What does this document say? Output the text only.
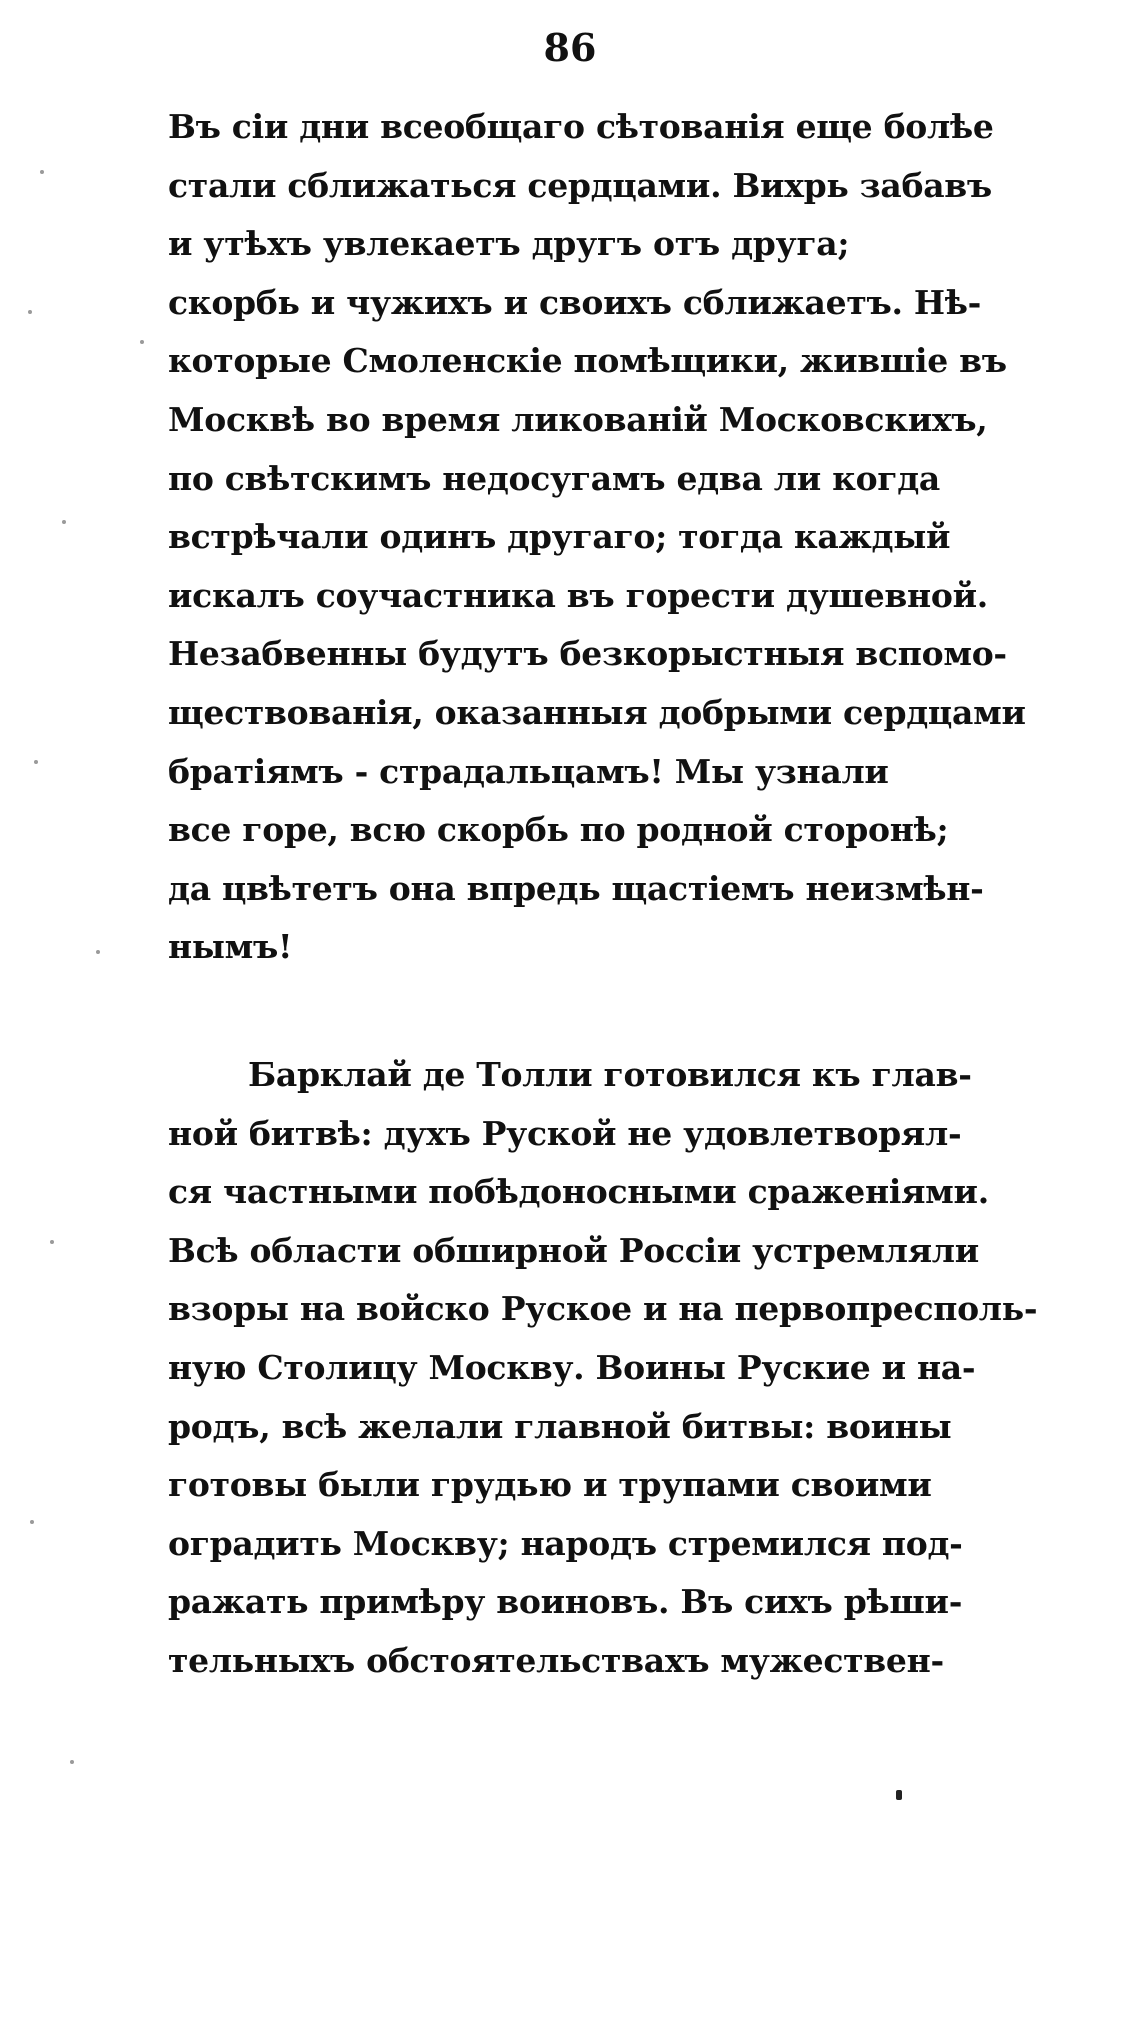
86

Въ сіи дни всеобщаго сѣтованія еще болѣе
стали сближаться сердцами. Вихрь забавъ
и утѣхъ увлекаетъ другъ отъ друга;
скорбь и чужихъ и своихъ сближаетъ. Нѣ-
которые Смоленскіе помѣщики, жившіе въ
Москвѣ во время ликованій Московскихъ,
по свѣтскимъ недосугамъ едва ли когда
встрѣчали одинъ другаго; тогда каждый
искалъ соучастника въ горести душевной.
Незабвенны будутъ безкорыстныя вспомо-
ществованія, оказанныя добрыми сердцами
братіямъ - страдальцамъ! Мы узнали
все горе, всю скорбь по родной сторонѣ;
да цвѣтетъ она впредь щастіемъ неизмѣн-
нымъ!

Барклай де Толли готовился къ глав-
ной битвѣ: духъ Руской не удовлетворял-
ся частными побѣдоносными сраженіями.
Всѣ области обширной Россіи устремляли
взоры на войско Руское и на первопресполь-
ную Столицу Москву. Воины Руские и на-
родъ, всѣ желали главной битвы: воины
готовы были грудью и трупами своими
оградить Москву; народъ стремился под-
ражать примѣру воиновъ. Въ сихъ рѣши-
тельныхъ обстоятельствахъ мужествен-
